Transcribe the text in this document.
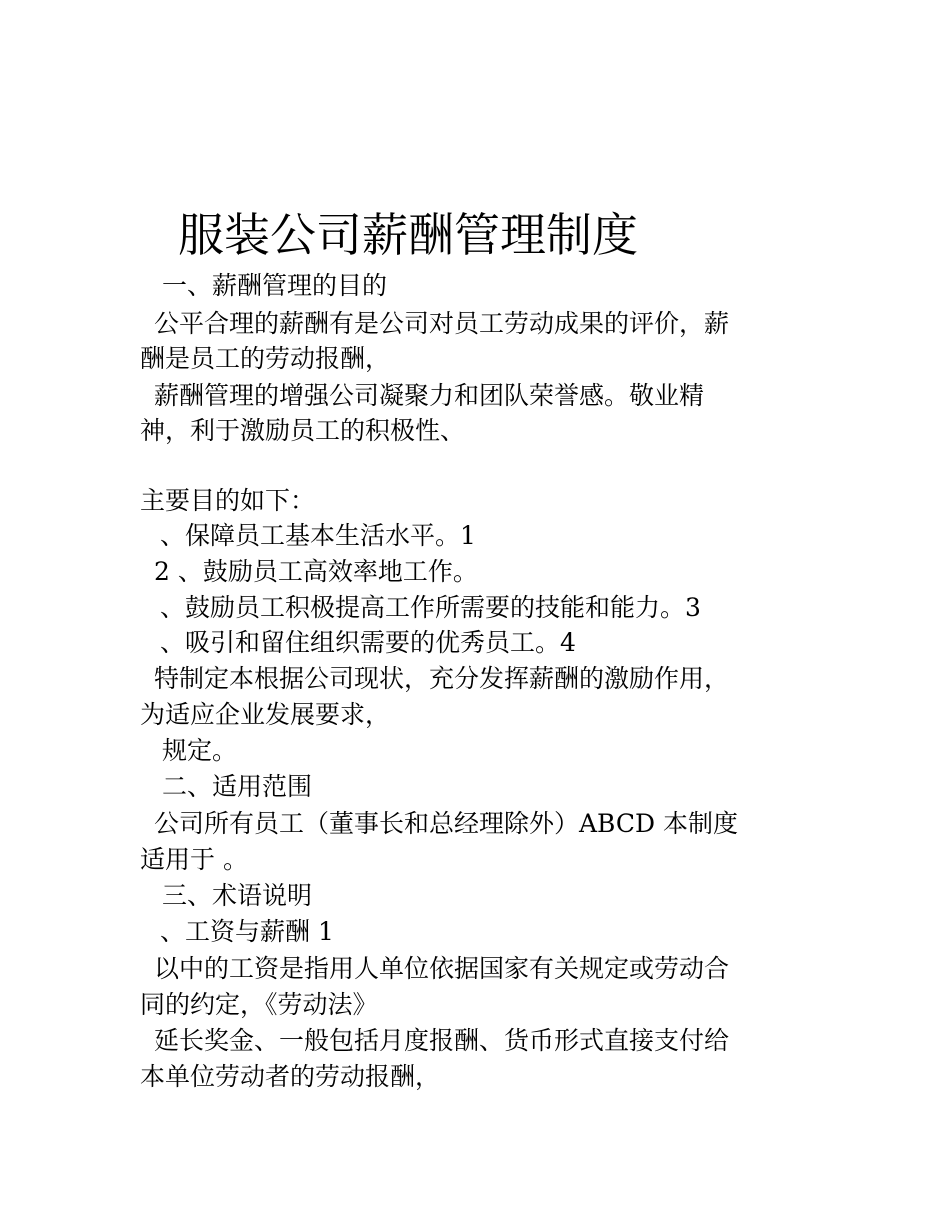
服装公司薪酬管理制度
一、薪酬管理的目的
公平合理的薪酬有是公司对员工劳动成果的评价，薪
酬是员工的劳动报酬，
薪酬管理的增强公司凝聚力和团队荣誉感。敬业精
神，利于激励员工的积极性、
主要目的如下：
、保障员工基本生活水平。1
2 、鼓励员工高效率地工作。
、鼓励员工积极提高工作所需要的技能和能力。3
、吸引和留住组织需要的优秀员工。4
特制定本根据公司现状，充分发挥薪酬的激励作用，
为适应企业发展要求，
规定。
二、适用范围
公司所有员工（董事长和总经理除外）ABCD 本制度
适用于 。
三、术语说明
、工资与薪酬 1
以中的工资是指用人单位依据国家有关规定或劳动合
同的约定，《劳动法》
延长奖金、一般包括月度报酬、货币形式直接支付给
本单位劳动者的劳动报酬，
